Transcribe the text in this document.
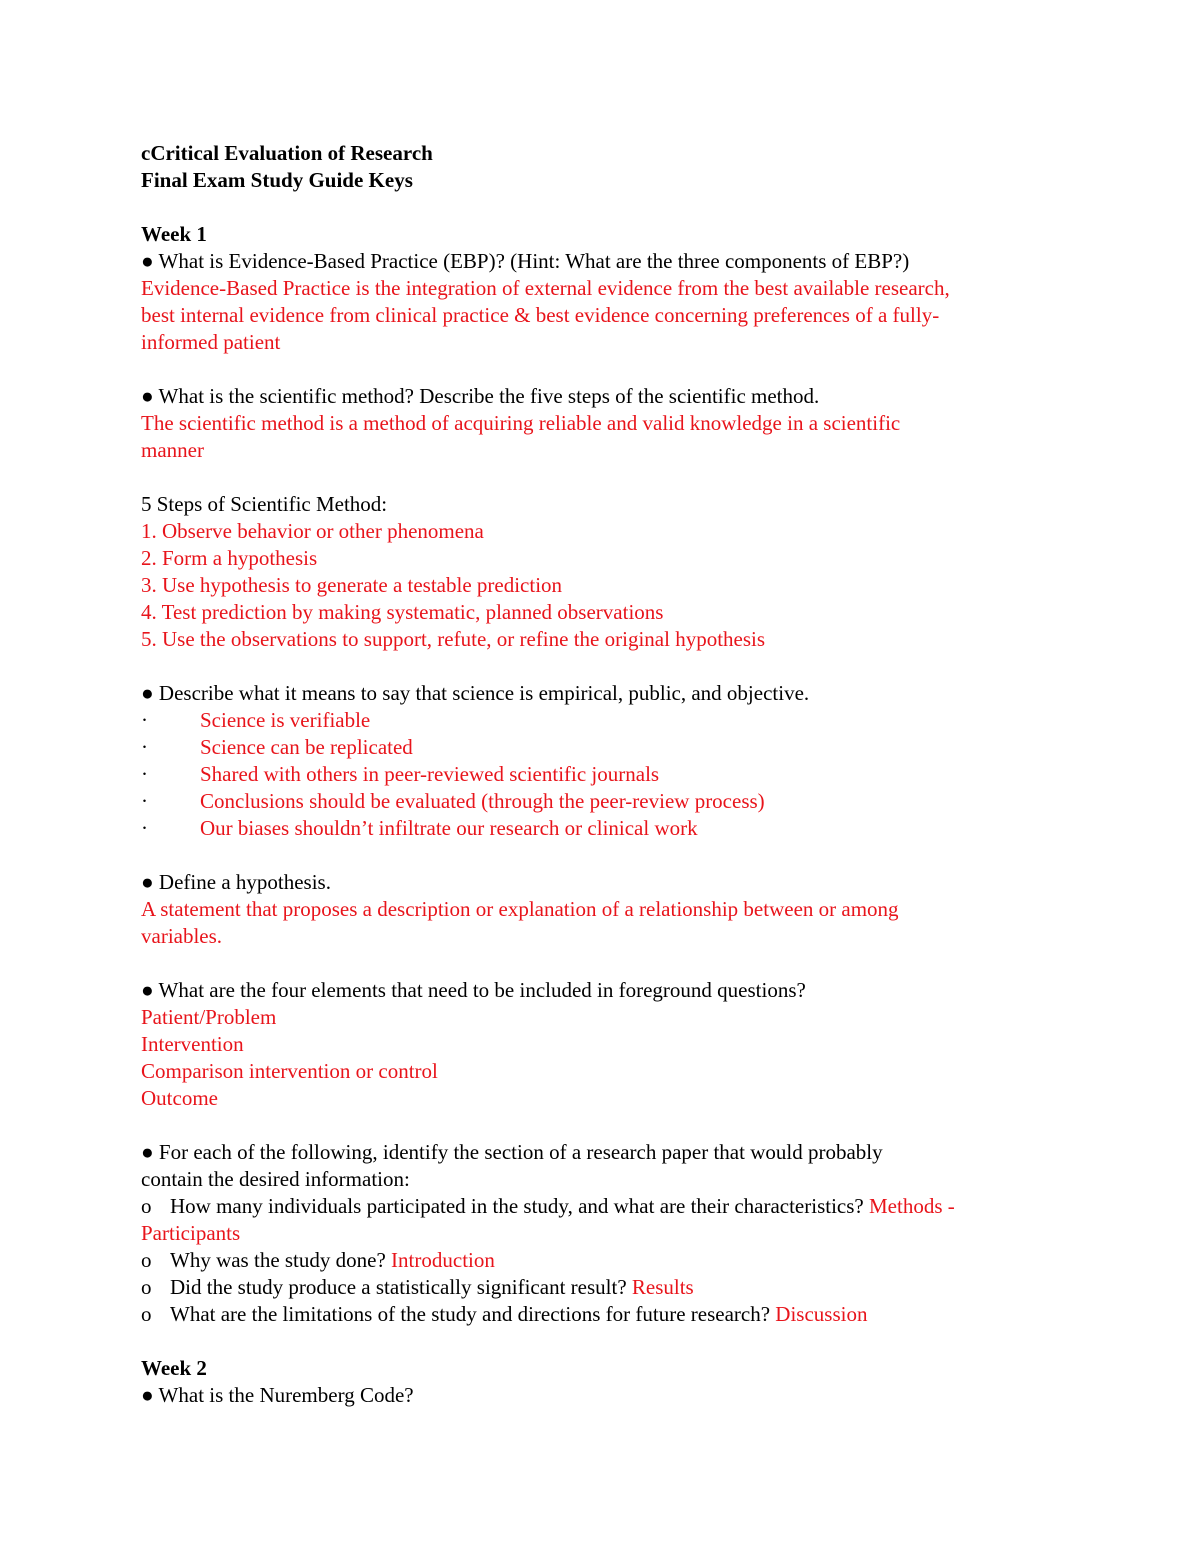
cCritical Evaluation of Research
Final Exam Study Guide Keys
Week 1
● What is Evidence-Based Practice (EBP)? (Hint: What are the three components of EBP?)
Evidence-Based Practice is the integration of external evidence from the best available research,
best internal evidence from clinical practice & best evidence concerning preferences of a fully-
informed patient
● What is the scientific method? Describe the five steps of the scientific method.
The scientific method is a method of acquiring reliable and valid knowledge in a scientific
manner
5 Steps of Scientific Method:
1. Observe behavior or other phenomena
2. Form a hypothesis
3. Use hypothesis to generate a testable prediction
4. Test prediction by making systematic, planned observations
5. Use the observations to support, refute, or refine the original hypothesis
● Describe what it means to say that science is empirical, public, and objective.
· Science is verifiable
· Science can be replicated
· Shared with others in peer-reviewed scientific journals
· Conclusions should be evaluated (through the peer-review process)
· Our biases shouldn’t infiltrate our research or clinical work
● Define a hypothesis.
A statement that proposes a description or explanation of a relationship between or among
variables.
● What are the four elements that need to be included in foreground questions?
Patient/Problem
Intervention
Comparison intervention or control
Outcome
● For each of the following, identify the section of a research paper that would probably
contain the desired information:
o How many individuals participated in the study, and what are their characteristics? Methods -
Participants
o Why was the study done? Introduction
o Did the study produce a statistically significant result? Results
o What are the limitations of the study and directions for future research? Discussion
Week 2
● What is the Nuremberg Code?
